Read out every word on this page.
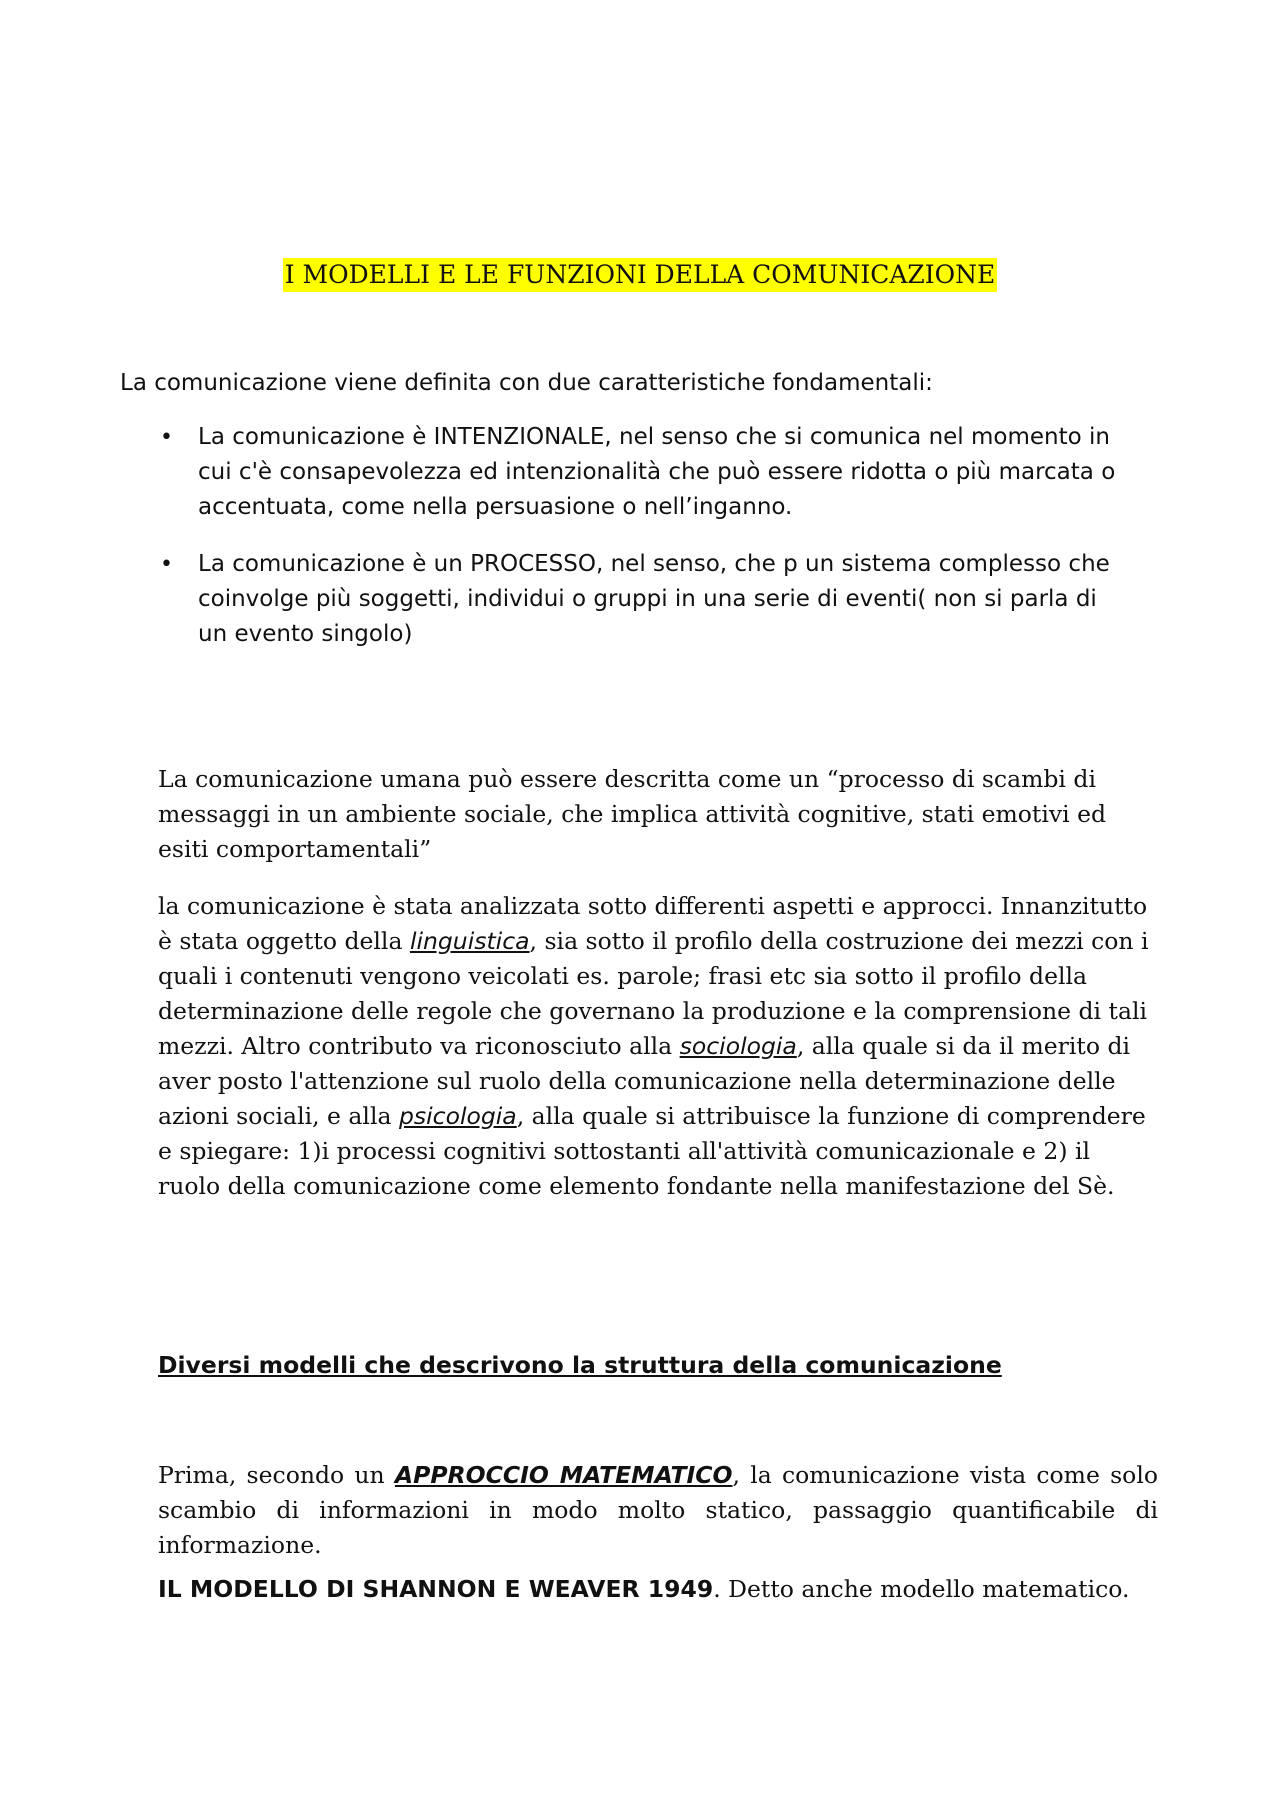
I MODELLI E LE FUNZIONI DELLA COMUNICAZIONE

La comunicazione viene definita con due caratteristiche fondamentali:

• La comunicazione è INTENZIONALE, nel senso che si comunica nel momento in cui c'è consapevolezza ed intenzionalità che può essere ridotta o più marcata o accentuata, come nella persuasione o nell’inganno.
• La comunicazione è un PROCESSO, nel senso, che p un sistema complesso che coinvolge più soggetti, individui o gruppi in una serie di eventi( non si parla di un evento singolo)

La comunicazione umana può essere descritta come un “processo di scambi di messaggi in un ambiente sociale, che implica attività cognitive, stati emotivi ed esiti comportamentali”

la comunicazione è stata analizzata sotto differenti aspetti e approcci. Innanzitutto è stata oggetto della linguistica, sia sotto il profilo della costruzione dei mezzi con i quali i contenuti vengono veicolati es. parole; frasi etc sia sotto il profilo della determinazione delle regole che governano la produzione e la comprensione di tali mezzi. Altro contributo va riconosciuto alla sociologia, alla quale si da il merito di aver posto l'attenzione sul ruolo della comunicazione nella determinazione delle azioni sociali, e alla psicologia, alla quale si attribuisce la funzione di comprendere e spiegare: 1)i processi cognitivi sottostanti all'attività comunicazionale e 2) il ruolo della comunicazione come elemento fondante nella manifestazione del Sè.

Diversi modelli che descrivono la struttura della comunicazione

Prima, secondo un APPROCCIO MATEMATICO, la comunicazione vista come solo scambio di informazioni in modo molto statico, passaggio quantificabile di informazione.

IL MODELLO DI SHANNON E WEAVER 1949. Detto anche modello matematico.
